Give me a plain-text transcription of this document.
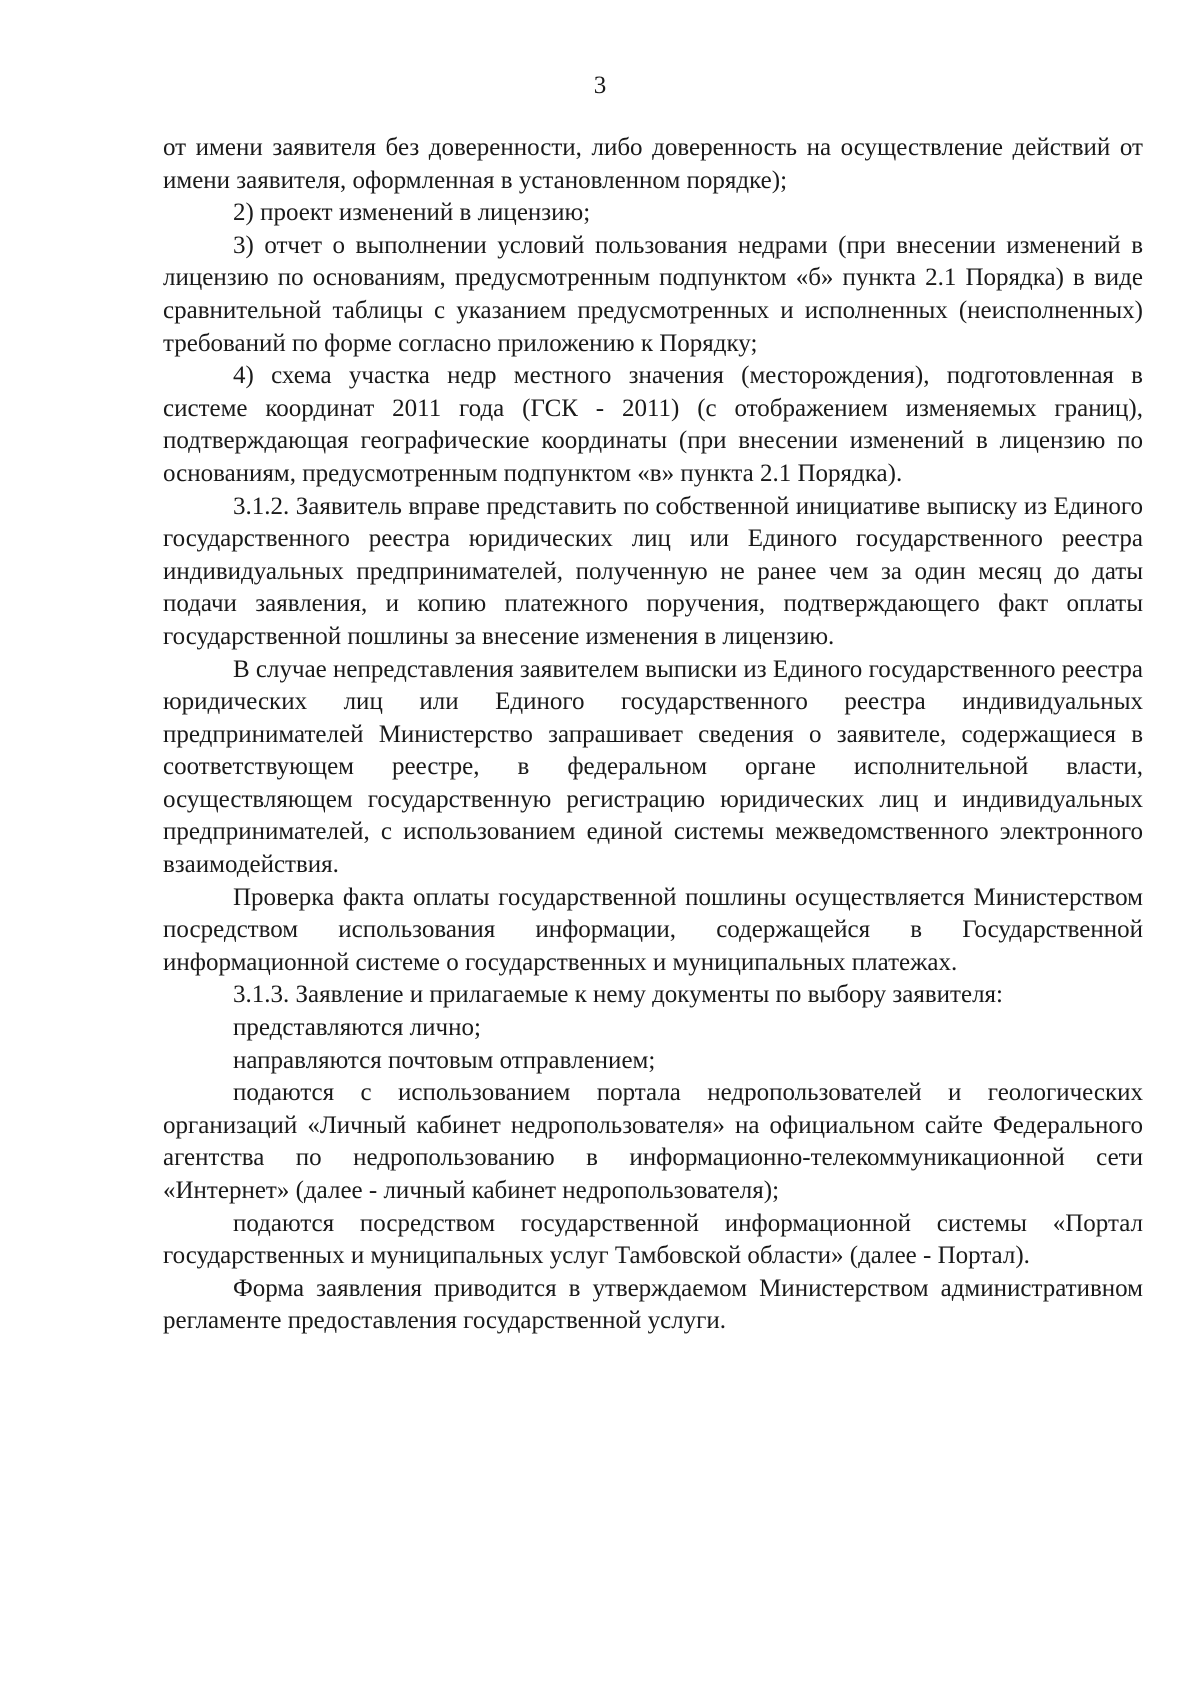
3

от имени заявителя без доверенности, либо доверенность на осуществление действий от имени заявителя, оформленная в установленном порядке);

2) проект изменений в лицензию;

3) отчет о выполнении условий пользования недрами (при внесении изменений в лицензию по основаниям, предусмотренным подпунктом «б» пункта 2.1 Порядка) в виде сравнительной таблицы с указанием предусмотренных и исполненных (неисполненных) требований по форме согласно приложению к Порядку;

4) схема участка недр местного значения (месторождения), подготовленная в системе координат 2011 года (ГСК - 2011) (с отображением изменяемых границ), подтверждающая географические координаты (при внесении изменений в лицензию по основаниям, предусмотренным подпунктом «в» пункта 2.1 Порядка).

3.1.2. Заявитель вправе представить по собственной инициативе выписку из Единого государственного реестра юридических лиц или Единого государственного реестра индивидуальных предпринимателей, полученную не ранее чем за один месяц до даты подачи заявления, и копию платежного поручения, подтверждающего факт оплаты государственной пошлины за внесение изменения в лицензию.

В случае непредставления заявителем выписки из Единого государственного реестра юридических лиц или Единого государственного реестра индивидуальных предпринимателей Министерство запрашивает сведения о заявителе, содержащиеся в соответствующем реестре, в федеральном органе исполнительной власти, осуществляющем государственную регистрацию юридических лиц и индивидуальных предпринимателей, с использованием единой системы межведомственного электронного взаимодействия.

Проверка факта оплаты государственной пошлины осуществляется Министерством посредством использования информации, содержащейся в Государственной информационной системе о государственных и муниципальных платежах.

3.1.3. Заявление и прилагаемые к нему документы по выбору заявителя:

представляются лично;

направляются почтовым отправлением;

подаются с использованием портала недропользователей и геологических организаций «Личный кабинет недропользователя» на официальном сайте Федерального агентства по недропользованию в информационно-телекоммуникационной сети «Интернет» (далее - личный кабинет недропользователя);

подаются посредством государственной информационной системы «Портал государственных и муниципальных услуг Тамбовской области» (далее - Портал).

Форма заявления приводится в утверждаемом Министерством административном регламенте предоставления государственной услуги.
